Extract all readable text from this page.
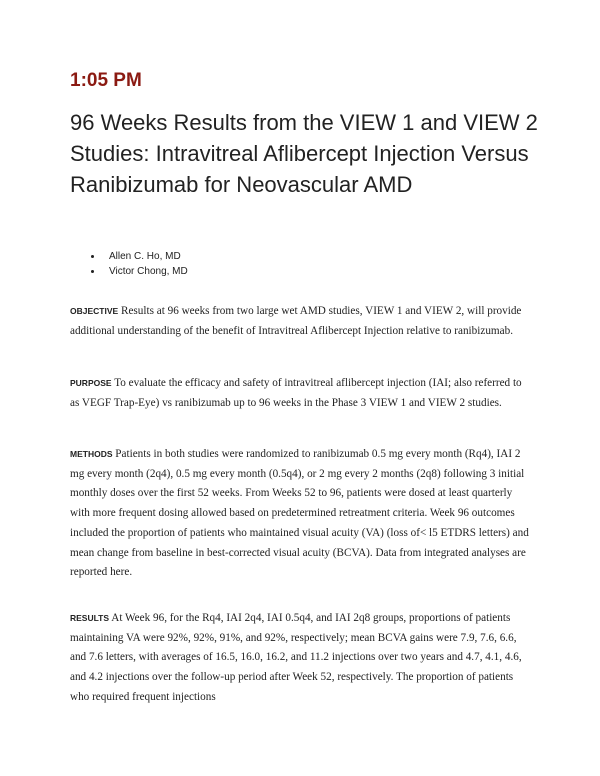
1:05 PM
96 Weeks Results from the VIEW 1 and VIEW 2 Studies: Intravitreal Aflibercept Injection Versus Ranibizumab for Neovascular AMD
Allen C. Ho, MD
Victor Chong, MD

OBJECTIVE Results at 96 weeks from two large wet AMD studies, VIEW 1 and VIEW 2, will provide additional understanding of the benefit of Intravitreal Aflibercept Injection relative to ranibizumab.

PURPOSE To evaluate the efficacy and safety of intravitreal aflibercept injection (IAI; also referred to as VEGF Trap-Eye) vs ranibizumab up to 96 weeks in the Phase 3 VIEW 1 and VIEW 2 studies.

METHODS Patients in both studies were randomized to ranibizumab 0.5 mg every month (Rq4), IAI 2 mg every month (2q4), 0.5 mg every month (0.5q4), or 2 mg every 2 months (2q8) following 3 initial monthly doses over the first 52 weeks. From Weeks 52 to 96, patients were dosed at least quarterly with more frequent dosing allowed based on predetermined retreatment criteria. Week 96 outcomes included the proportion of patients who maintained visual acuity (VA) (loss of< l5 ETDRS letters) and mean change from baseline in best-corrected visual acuity (BCVA). Data from integrated analyses are reported here.

RESULTS At Week 96, for the Rq4, IAI 2q4, IAI 0.5q4, and IAI 2q8 groups, proportions of patients maintaining VA were 92%, 92%, 91%, and 92%, respectively; mean BCVA gains were 7.9, 7.6, 6.6, and 7.6 letters, with averages of 16.5, 16.0, 16.2, and 11.2 injections over two years and 4.7, 4.1, 4.6, and 4.2 injections over the follow-up period after Week 52, respectively. The proportion of patients who required frequent injections
